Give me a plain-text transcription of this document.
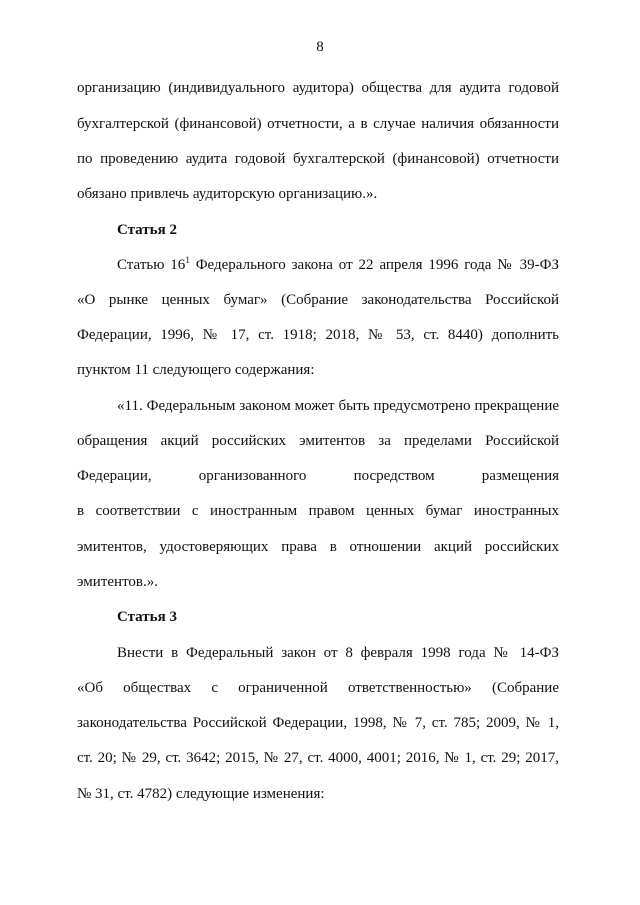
8
организацию (индивидуального аудитора) общества для аудита годовой
бухгалтерской (финансовой) отчетности, а в случае наличия обязанности
по проведению аудита годовой бухгалтерской (финансовой) отчетности
обязано привлечь аудиторскую организацию.».
Статья 2
Статью $16^1$ Федерального закона от 22 апреля 1996 года № 39-ФЗ
«О рынке ценных бумаг» (Собрание законодательства Российской
Федерации, 1996, № 17, ст. 1918; 2018, № 53, ст. 8440) дополнить
пунктом 11 следующего содержания:
«11. Федеральным законом может быть предусмотрено прекращение
обращения акций российских эмитентов за пределами Российской
Федерации, организованного посредством размещения
в соответствии с иностранным правом ценных бумаг иностранных
эмитентов, удостоверяющих права в отношении акций российских
эмитентов.».
Статья 3
Внести в Федеральный закон от 8 февраля 1998 года № 14-ФЗ
«Об обществах с ограниченной ответственностью» (Собрание
законодательства Российской Федерации, 1998, № 7, ст. 785; 2009, № 1,
ст. 20; № 29, ст. 3642; 2015, № 27, ст. 4000, 4001; 2016, № 1, ст. 29; 2017,
№ 31, ст. 4782) следующие изменения:
